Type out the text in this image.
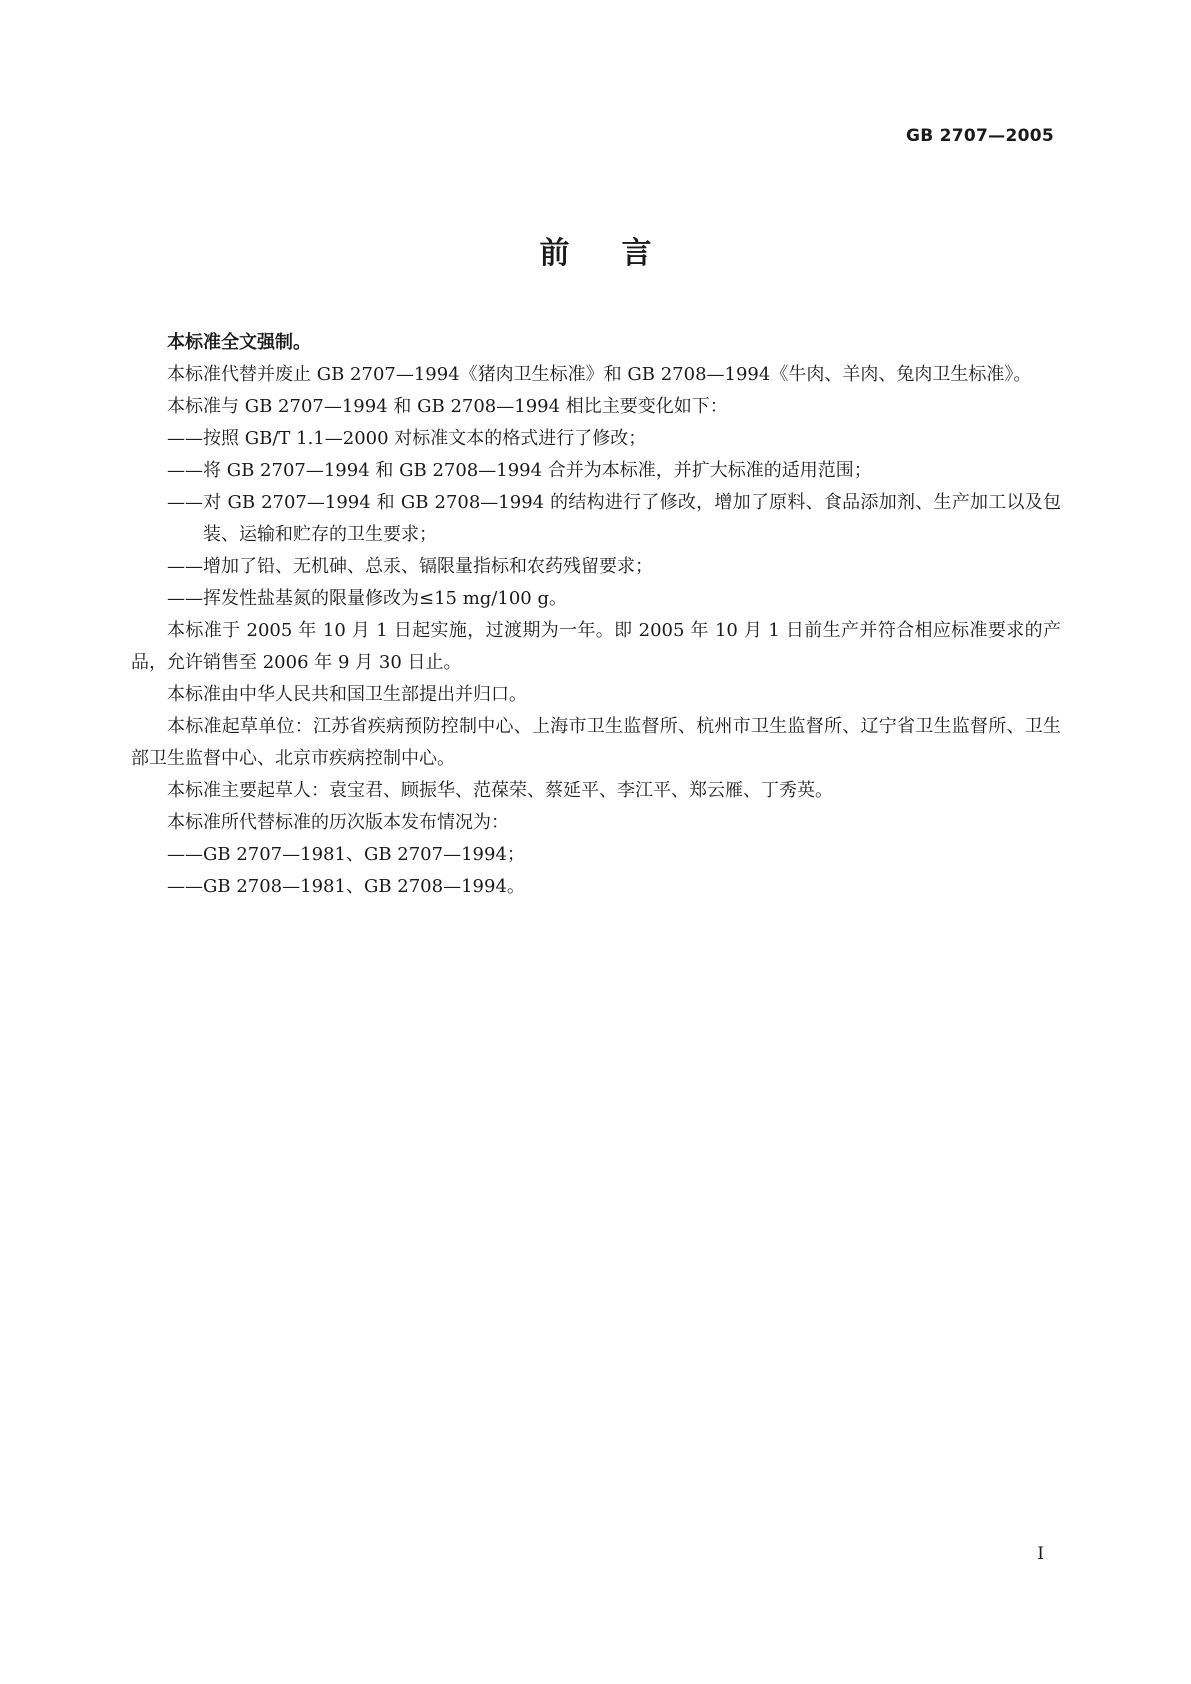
GB 2707—2005
前言

本标准全文强制。

本标准代替并废止 GB 2707—1994《猪肉卫生标准》和 GB 2708—1994《牛肉、羊肉、兔肉卫生标准》。

本标准与 GB 2707—1994 和 GB 2708—1994 相比主要变化如下：

——按照 GB/T 1.1—2000 对标准文本的格式进行了修改；

——将 GB 2707—1994 和 GB 2708—1994 合并为本标准，并扩大标准的适用范围；

——对 GB 2707—1994 和 GB 2708—1994 的结构进行了修改，增加了原料、食品添加剂、生产加工以及包装、运输和贮存的卫生要求；

——增加了铅、无机砷、总汞、镉限量指标和农药残留要求；

——挥发性盐基氮的限量修改为≤15 mg/100 g。

本标准于 2005 年 10 月 1 日起实施，过渡期为一年。即 2005 年 10 月 1 日前生产并符合相应标准要求的产品，允许销售至 2006 年 9 月 30 日止。

本标准由中华人民共和国卫生部提出并归口。

本标准起草单位：江苏省疾病预防控制中心、上海市卫生监督所、杭州市卫生监督所、辽宁省卫生监督所、卫生部卫生监督中心、北京市疾病控制中心。

本标准主要起草人：袁宝君、顾振华、范葆荣、蔡延平、李江平、郑云雁、丁秀英。

本标准所代替标准的历次版本发布情况为：

——GB 2707—1981、GB 2707—1994；

——GB 2708—1981、GB 2708—1994。

I
